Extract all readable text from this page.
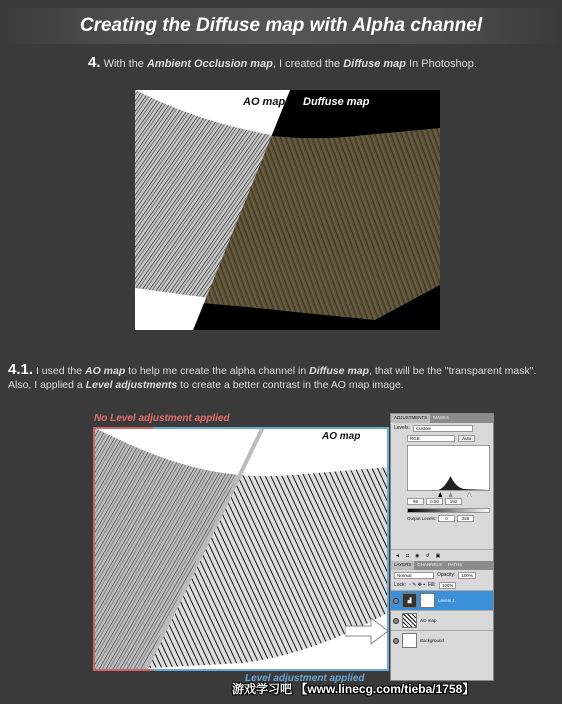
Creating the Diffuse map with Alpha channel
4. With the Ambient Occlusion map, I created the Diffuse map In Photoshop.
AO map Duffuse map
4.1. I used the AO map to help me create the alpha channel in Diffuse map, that will be the "transparent mask". Also, I applied a Level adjustments to create a better contrast in the AO map image.
No Level adjustment applied
AO map
Level adjustment applied
ADJUSTMENTS	MASKS
Levels:	Custom
RGB	Auto
99	0.50	192
Output Levels:	0	255
◄ ◘ ◉ ↺ ▣
LAYERS	CHANNELS	PATHS
Normal	Opacity:	100%
Lock: ▫ ✎ ✥ ▪ Fill:	100%
▟	Levels 1
AO map
Background
游戏学习吧 【www.linecg.com/tieba/1758】
